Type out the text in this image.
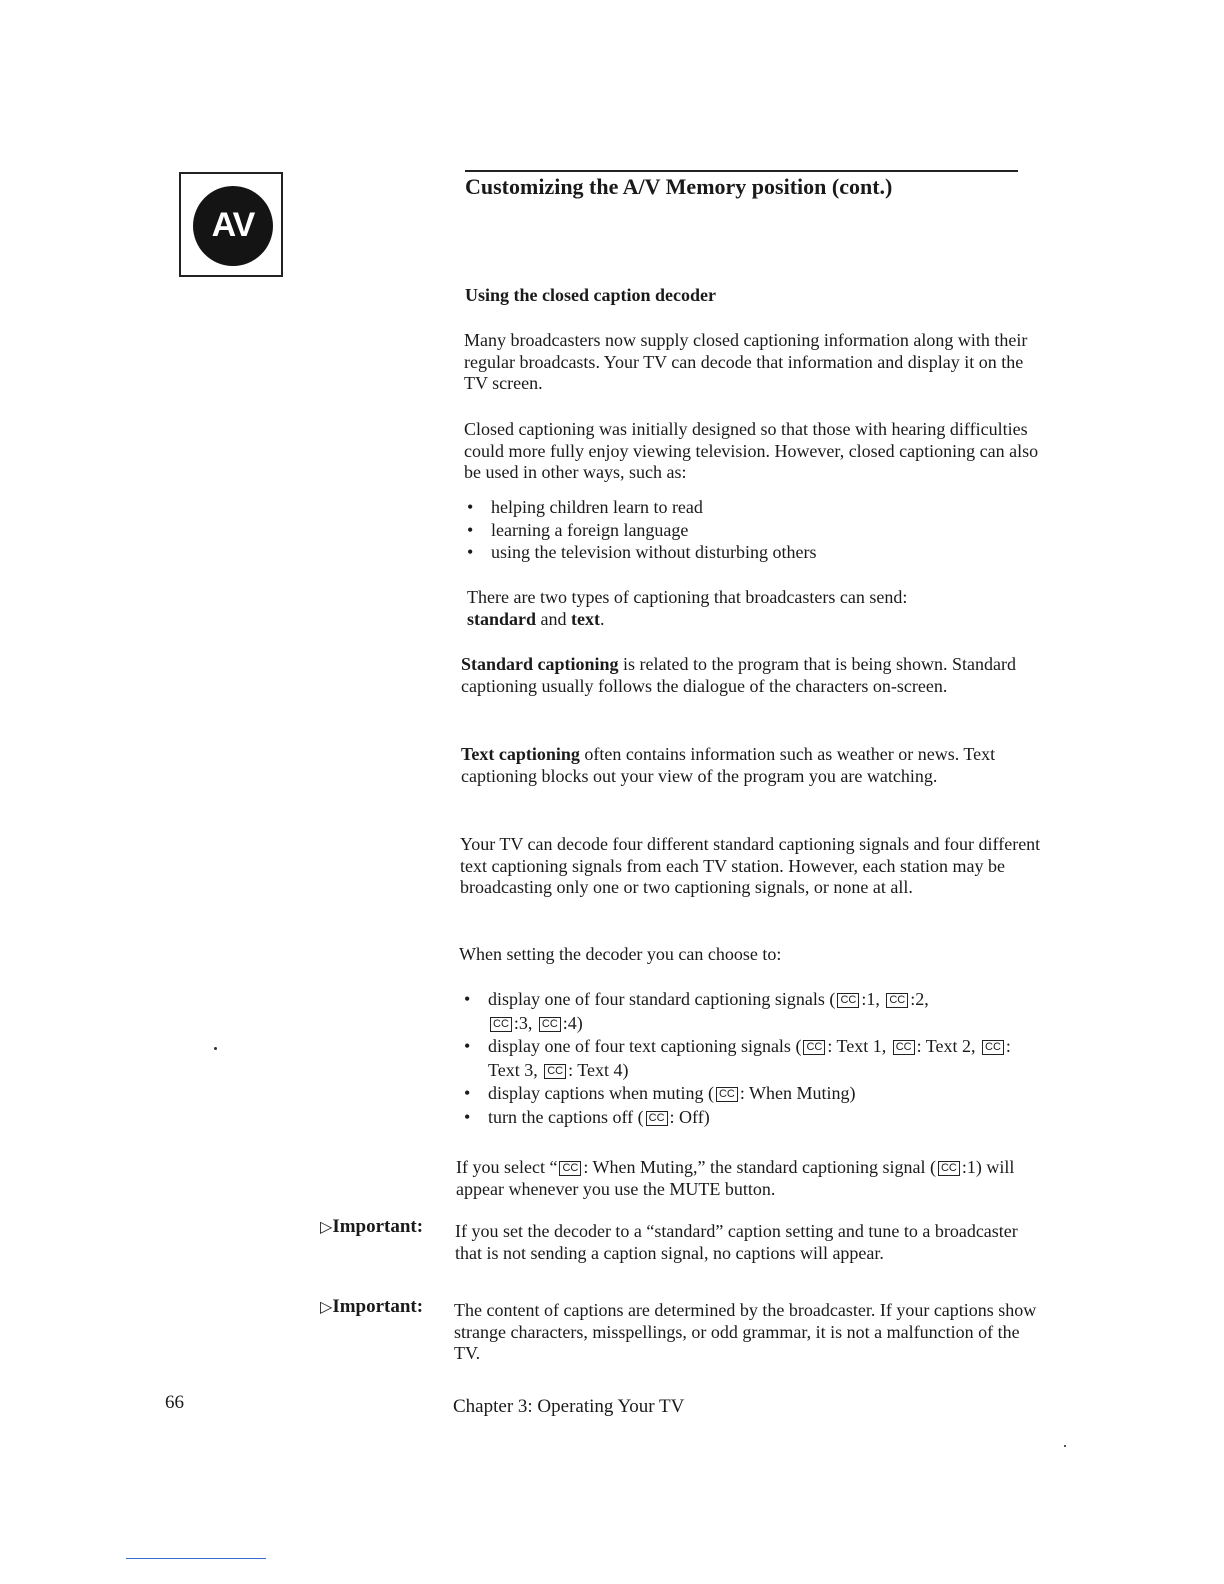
AV
Customizing the A/V Memory position (cont.)
Using the closed caption decoder
Many broadcasters now supply closed captioning information along with their regular broadcasts. Your TV can decode that information and display it on the TV screen.
Closed captioning was initially designed so that those with hearing difficulties could more fully enjoy viewing television. However, closed captioning can also be used in other ways, such as:
• helping children learn to read
• learning a foreign language
• using the television without disturbing others
There are two types of captioning that broadcasters can send:
standard and text.
Standard captioning is related to the program that is being shown. Standard captioning usually follows the dialogue of the characters on-screen.
Text captioning often contains information such as weather or news. Text captioning blocks out your view of the program you are watching.
Your TV can decode four different standard captioning signals and four different text captioning signals from each TV station. However, each station may be broadcasting only one or two captioning signals, or none at all.
When setting the decoder you can choose to:
• display one of four standard captioning signals ( CC :1, CC :2,
CC :3, CC :4)
• display one of four text captioning signals ( CC : Text 1, CC : Text 2, CC : Text 3, CC : Text 4)
• display captions when muting ( CC : When Muting)
• turn the captions off ( CC : Off)
If you select “ CC : When Muting,” the standard captioning signal ( CC :1) will appear whenever you use the MUTE button.
▷Important: If you set the decoder to a “standard” caption setting and tune to a broadcaster that is not sending a caption signal, no captions will appear.
▷Important: The content of captions are determined by the broadcaster. If your captions show strange characters, misspellings, or odd grammar, it is not a malfunction of the TV.
66	Chapter 3: Operating Your TV
